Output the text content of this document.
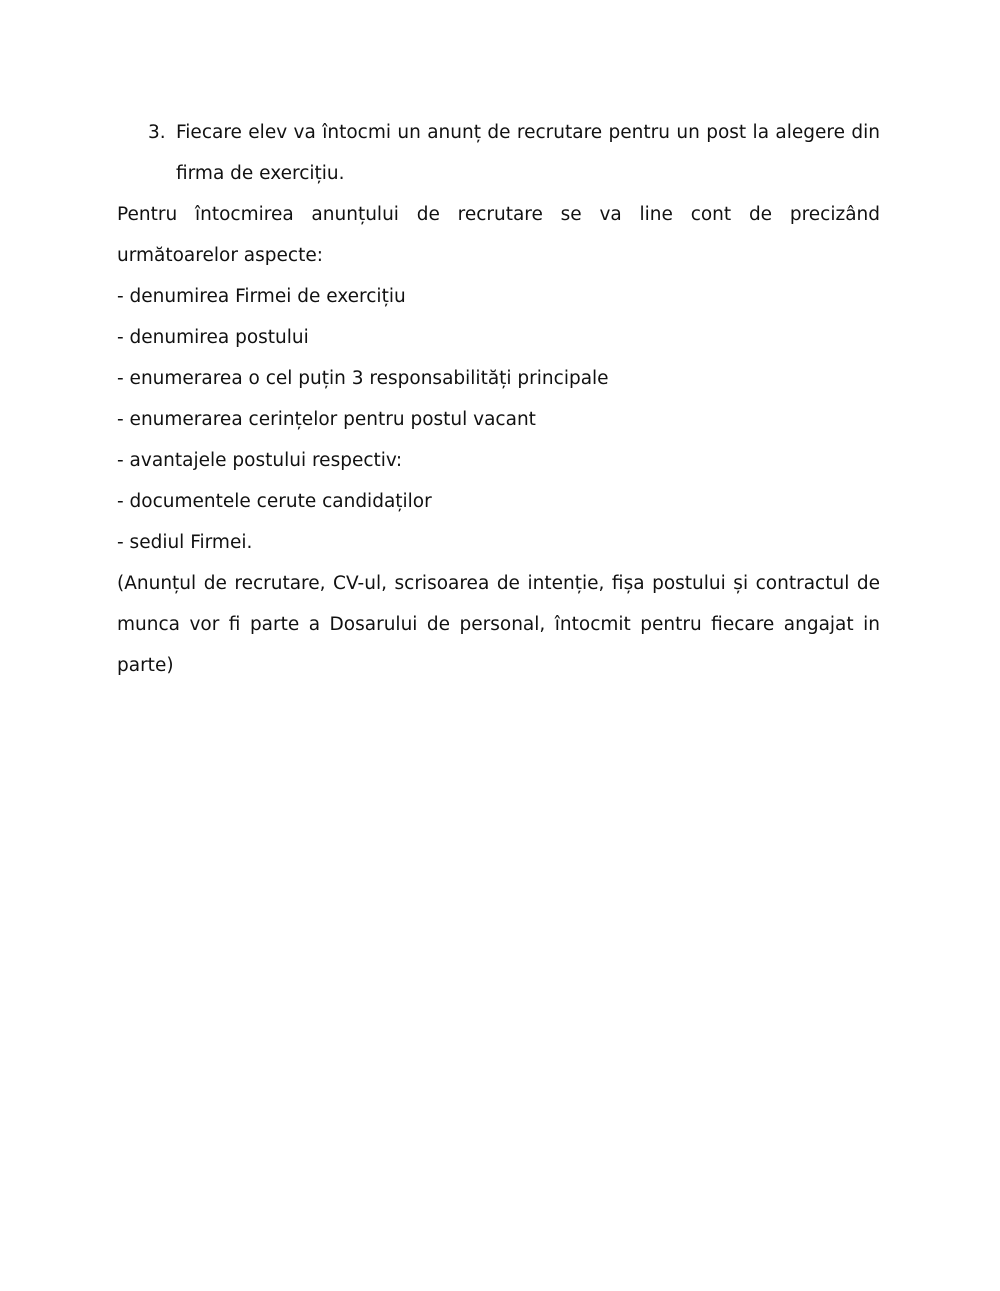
3. Fiecare elev va întocmi un anunț de recrutare pentru un post la alegere din firma de exercițiu.

Pentru întocmirea anunțului de recrutare se va line cont de precizând următoarelor aspecte:

- denumirea Firmei de exercițiu
- denumirea postului
- enumerarea o cel puțin 3 responsabilități principale
- enumerarea cerințelor pentru postul vacant
- avantajele postului respectiv:
- documentele cerute candidaților
- sediul Firmei.

(Anunțul de recrutare, CV-ul, scrisoarea de intenție, fișa postului și contractul de munca vor fi parte a Dosarului de personal, întocmit pentru fiecare angajat in parte)
